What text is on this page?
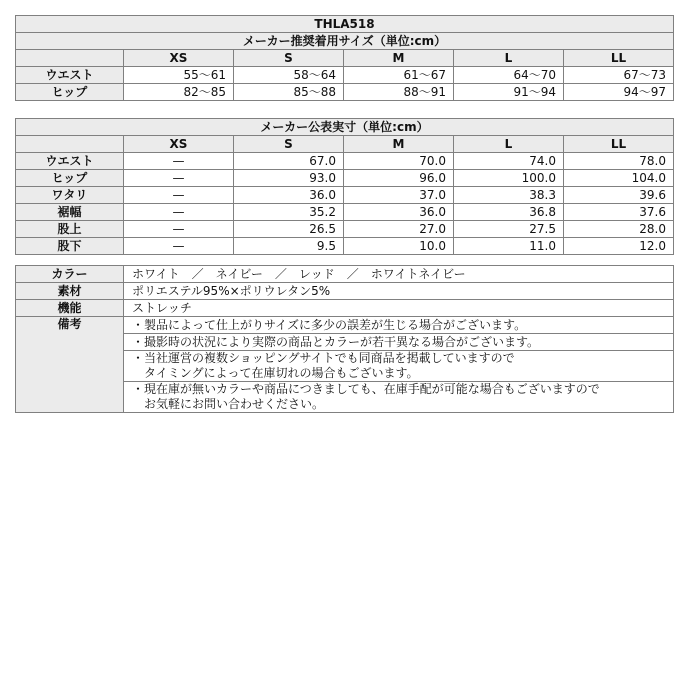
THLA518					
メーカー推奨着用サイズ（単位:cm）					
	XS	S	M	L	LL
ウエスト	55〜61	58〜64	61〜67	64〜70	67〜73
ヒップ	82〜85	85〜88	88〜91	91〜94	94〜97
メーカー公表実寸（単位:cm）					
	XS	S	M	L	LL
ウエスト	—	67.0	70.0	74.0	78.0
ヒップ	—	93.0	96.0	100.0	104.0
ワタリ	—	36.0	37.0	38.3	39.6
裾幅	—	35.2	36.0	36.8	37.6
股上	—	26.5	27.0	27.5	28.0
股下	—	9.5	10.0	11.0	12.0
カラー	ホワイト　／　ネイビー　／　レッド　／　ホワイトネイビー
素材	ポリエステル95%×ポリウレタン5%
機能	ストレッチ
備考	・製品によって仕上がりサイズに多少の誤差が生じる場合がございます。

	・撮影時の状況により実際の商品とカラーが若干異なる場合がございます。

	・当社運営の複数ショッピングサイトでも同商品を掲載していますので
　タイミングによって在庫切れの場合もございます。

	・現在庫が無いカラーや商品につきましても、在庫手配が可能な場合もございますので
　お気軽にお問い合わせください。
